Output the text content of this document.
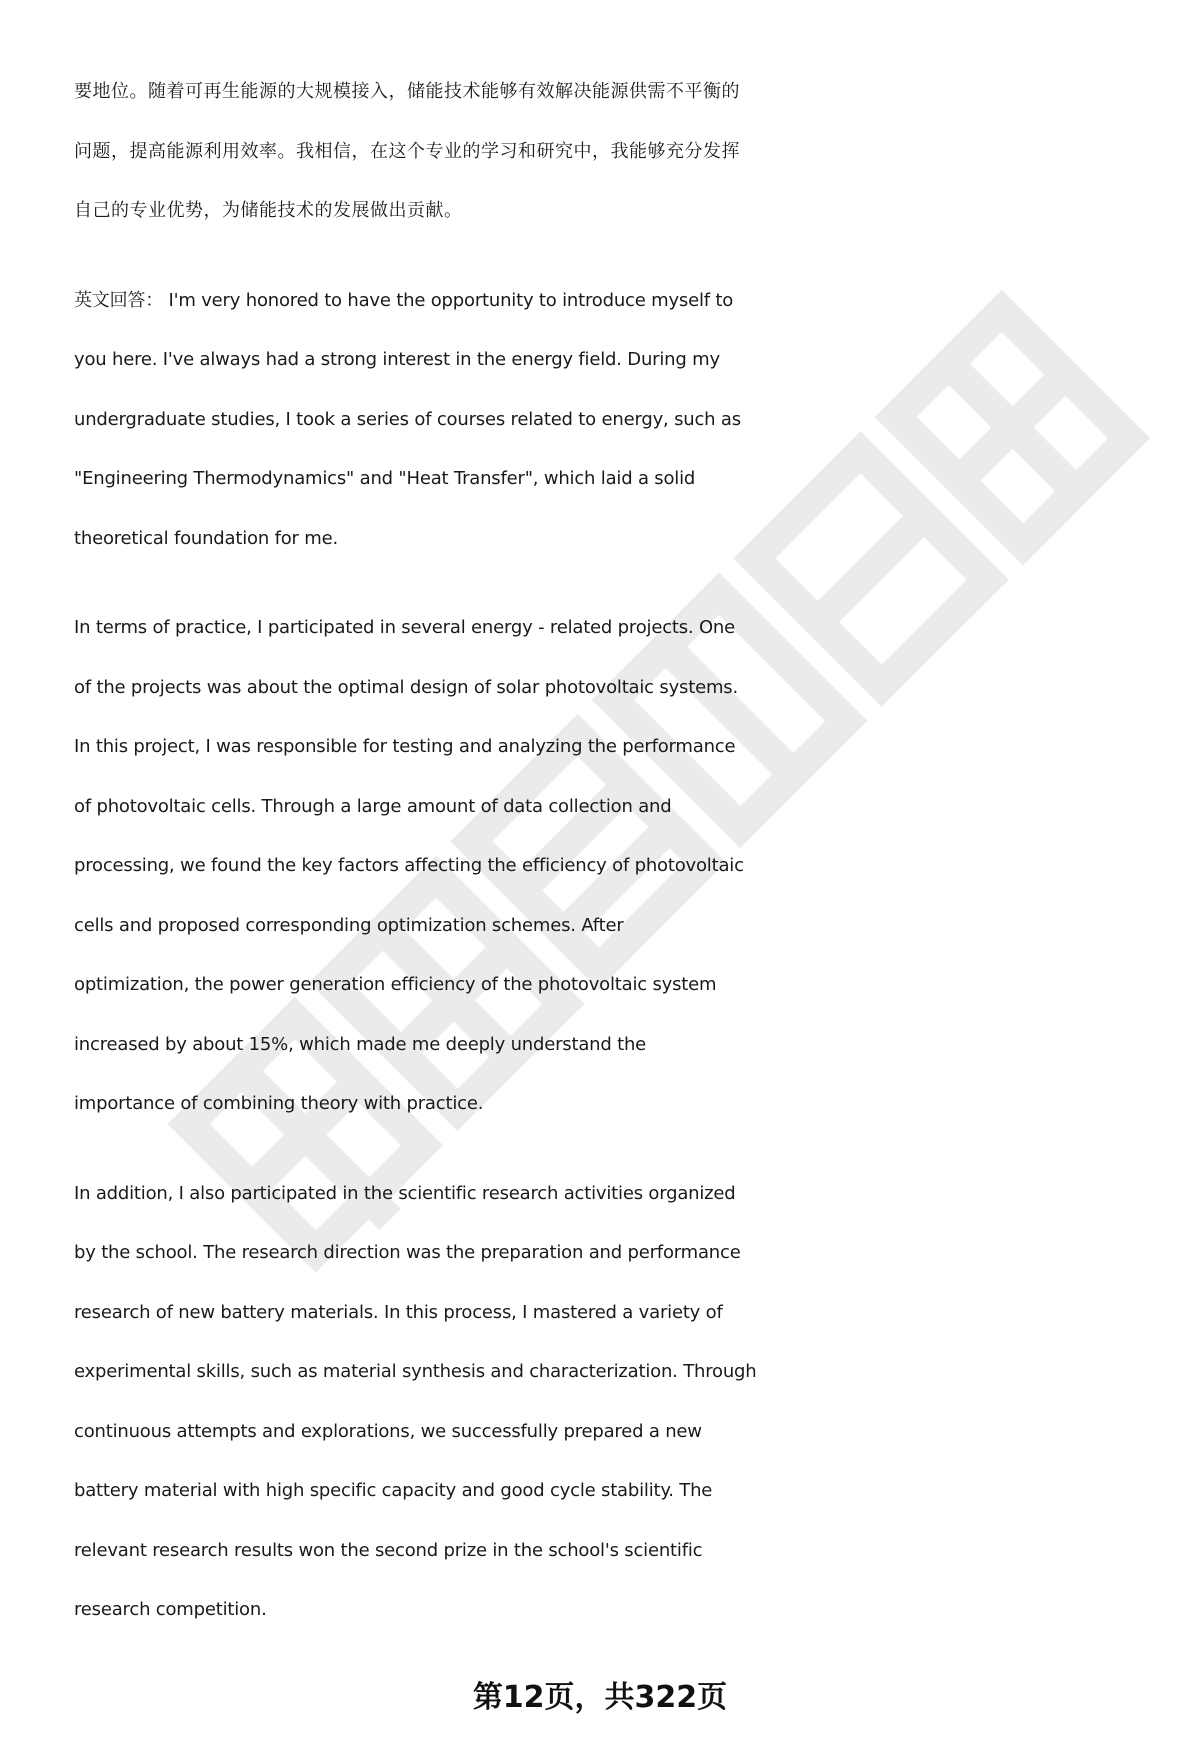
要地位。随着可再生能源的大规模接入，储能技术能够有效解决能源供需不平衡的
问题，提高能源利用效率。我相信，在这个专业的学习和研究中，我能够充分发挥
自己的专业优势，为储能技术的发展做出贡献。

英文回答： I'm very honored to have the opportunity to introduce myself to
you here. I've always had a strong interest in the energy field. During my
undergraduate studies, I took a series of courses related to energy, such as
"Engineering Thermodynamics" and "Heat Transfer", which laid a solid
theoretical foundation for me.

In terms of practice, I participated in several energy - related projects. One
of the projects was about the optimal design of solar photovoltaic systems.
In this project, I was responsible for testing and analyzing the performance
of photovoltaic cells. Through a large amount of data collection and
processing, we found the key factors affecting the efficiency of photovoltaic
cells and proposed corresponding optimization schemes. After
optimization, the power generation efficiency of the photovoltaic system
increased by about 15%, which made me deeply understand the
importance of combining theory with practice.

In addition, I also participated in the scientific research activities organized
by the school. The research direction was the preparation and performance
research of new battery materials. In this process, I mastered a variety of
experimental skills, such as material synthesis and characterization. Through
continuous attempts and explorations, we successfully prepared a new
battery material with high specific capacity and good cycle stability. The
relevant research results won the second prize in the school's scientific
research competition.

第12页，共322页
